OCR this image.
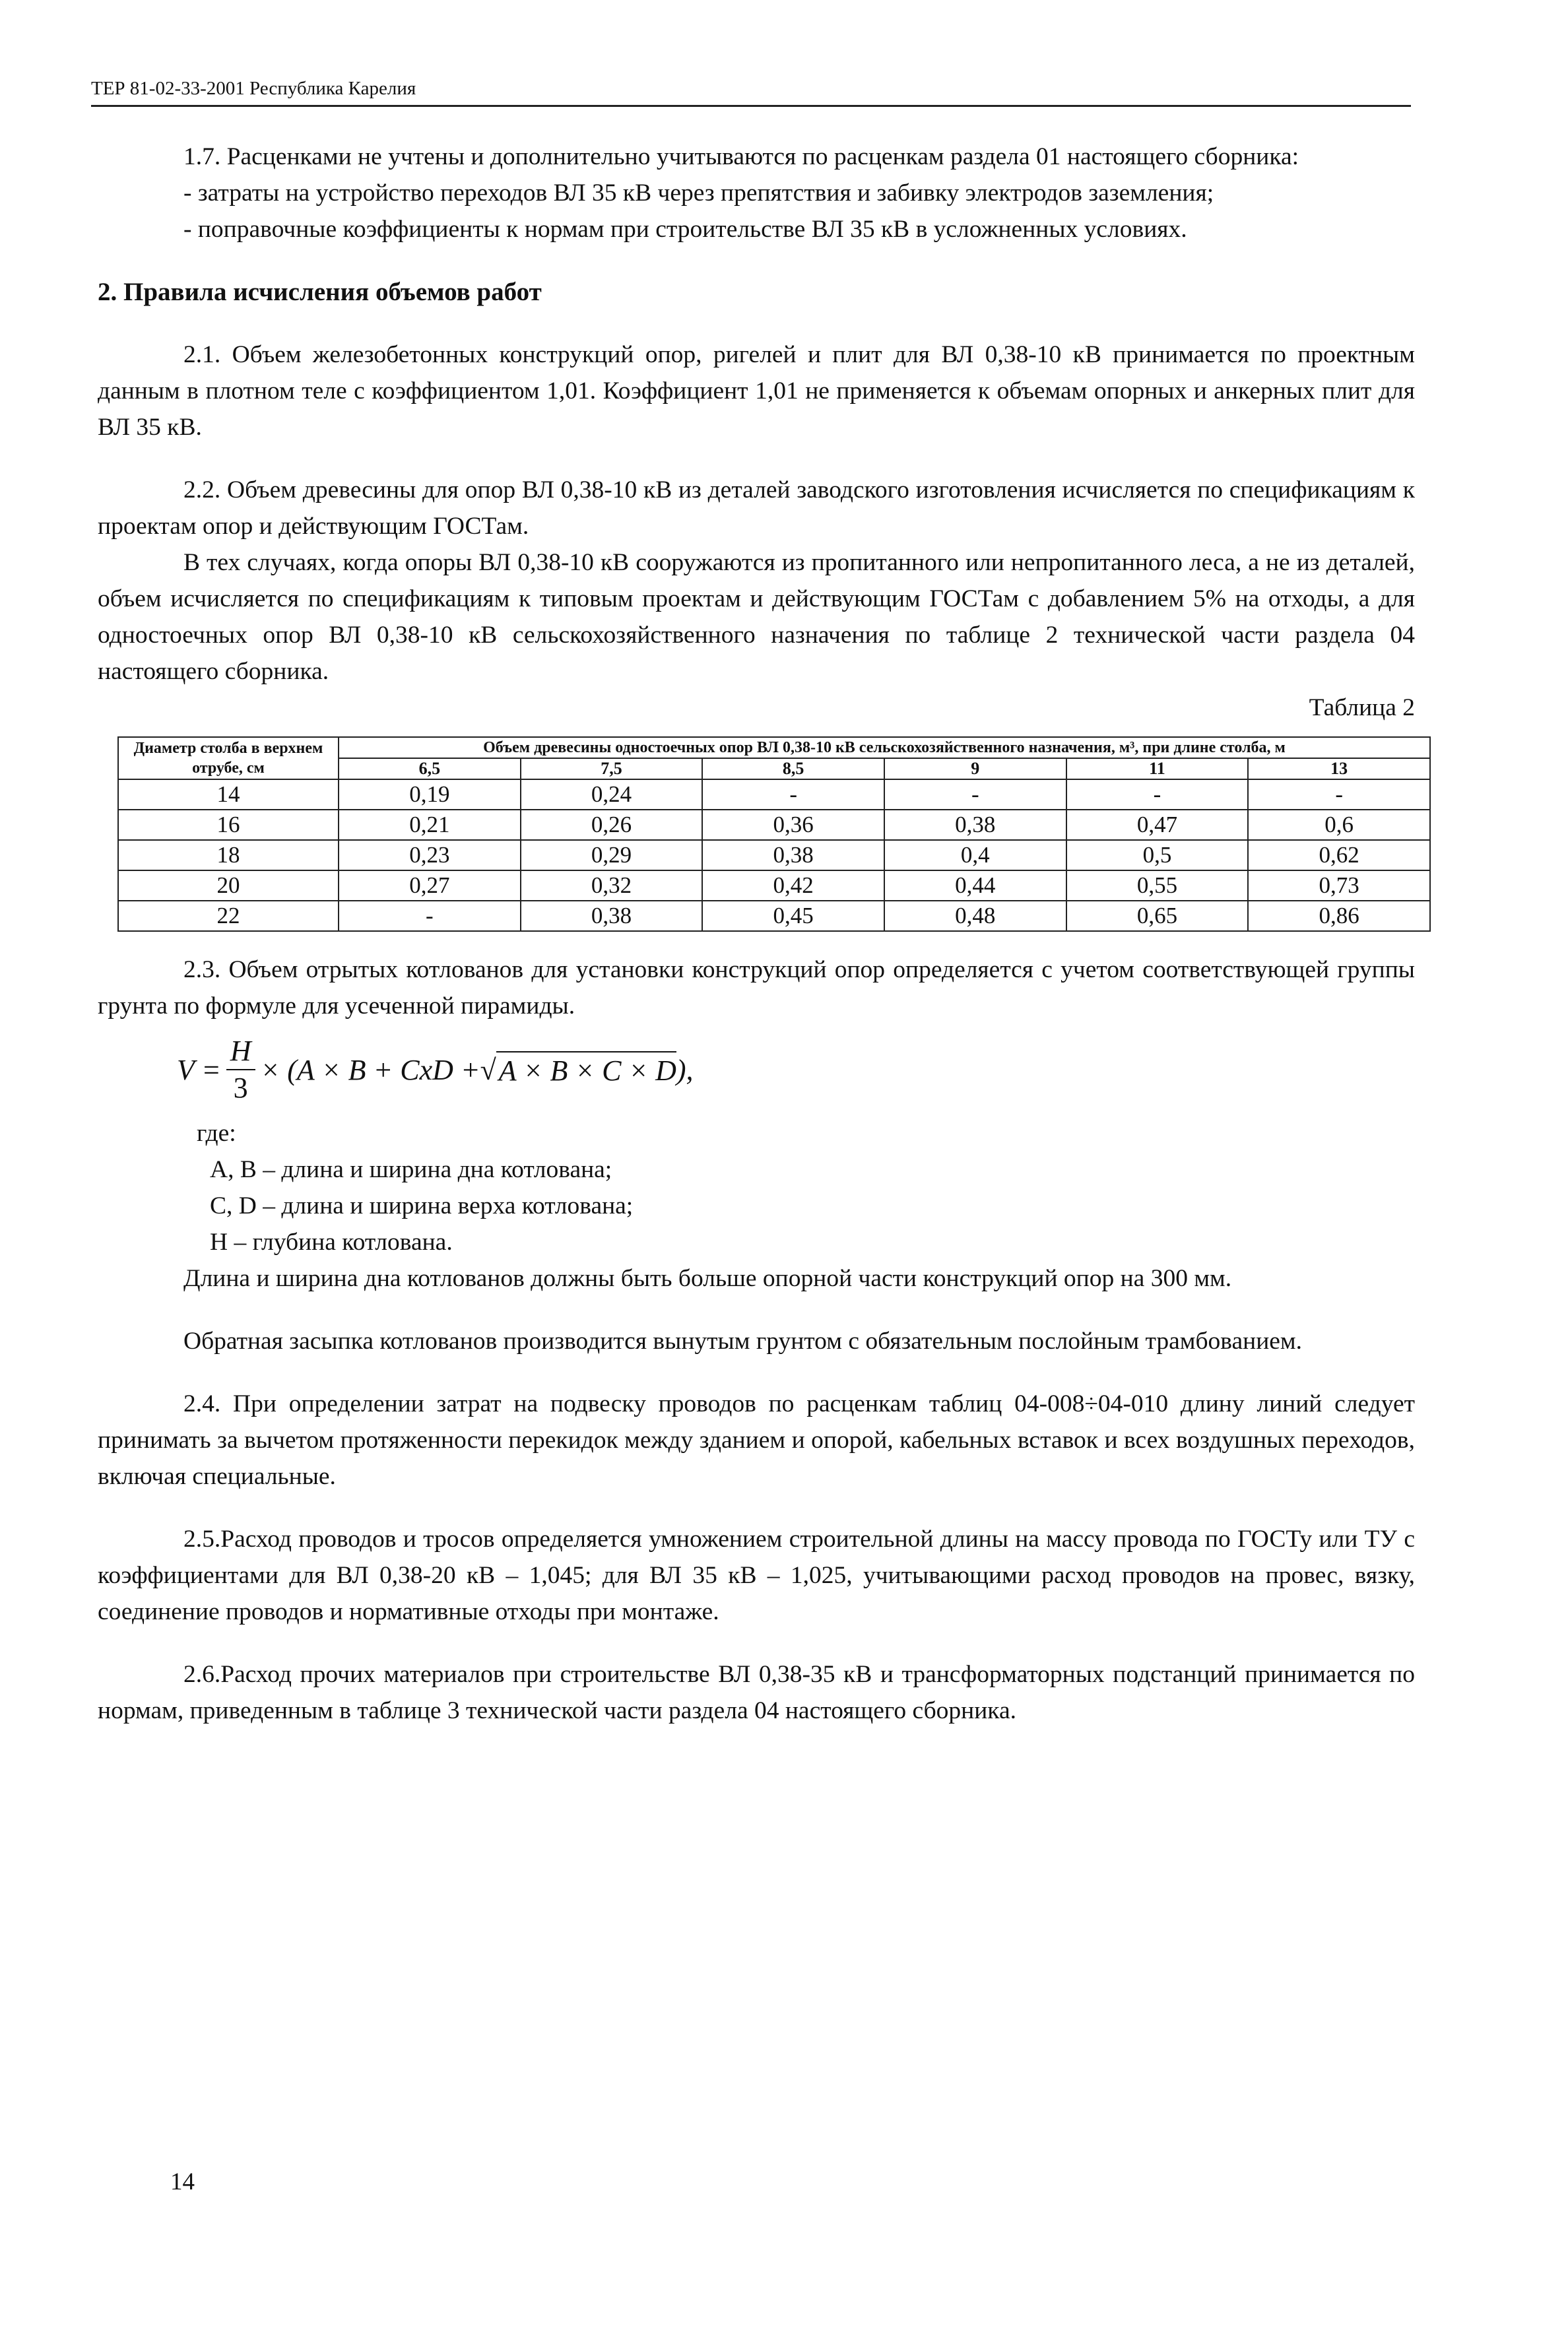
ТЕР 81-02-33-2001 Республика Карелия

1.7. Расценками не учтены и дополнительно учитываются по расценкам раздела 01 настоящего сборника:

- затраты на устройство переходов ВЛ 35 кВ через препятствия и забивку электродов заземления;

- поправочные коэффициенты к нормам при строительстве ВЛ 35 кВ в усложненных условиях.

2. Правила исчисления объемов работ

2.1. Объем железобетонных конструкций опор, ригелей и плит для ВЛ 0,38-10 кВ принимается по проектным данным в плотном теле с коэффициентом 1,01. Коэффициент 1,01 не применяется к объемам опорных и анкерных плит для ВЛ 35 кВ.

2.2. Объем древесины для опор ВЛ 0,38-10 кВ из деталей заводского изготовления исчисляется по спецификациям к проектам опор и действующим ГОСТам.

В тех случаях, когда опоры ВЛ 0,38-10 кВ сооружаются из пропитанного или непропитанного леса, а не из деталей, объем исчисляется по спецификациям к типовым проектам и действующим ГОСТам с добавлением 5% на отходы, а для одностоечных опор ВЛ 0,38-10 кВ сельскохозяйственного назначения по таблице 2 технической части раздела 04 настоящего сборника.

Таблица 2

Диаметр столба в верхнем отрубе, см	Объем древесины одностоечных опор ВЛ 0,38-10 кВ сельскохозяйственного назначения, м³, при длине столба, м					
	6,5	7,5	8,5	9	11	13
14	0,19	0,24	-	-	-	-
16	0,21	0,26	0,36	0,38	0,47	0,6
18	0,23	0,29	0,38	0,4	0,5	0,62
20	0,27	0,32	0,42	0,44	0,55	0,73
22	-	0,38	0,45	0,48	0,65	0,86

2.3. Объем отрытых котлованов для установки конструкций опор определяется с учетом соответствующей группы грунта по формуле для усеченной пирамиды.

$V = \frac{H}{3} \times (A \times B$ + CxD + √ A × B × C × D ),

где:

А, В – длина и ширина дна котлована;

С, D – длина и ширина верха котлована;

Н – глубина котлована.

Длина и ширина дна котлованов должны быть больше опорной части конструкций опор на 300 мм.

Обратная засыпка котлованов производится вынутым грунтом с обязательным послойным трамбованием.

2.4. При определении затрат на подвеску проводов по расценкам таблиц 04-008÷04-010 длину линий следует принимать за вычетом протяженности перекидок между зданием и опорой, кабельных вставок и всех воздушных переходов, включая специальные.

2.5.Расход проводов и тросов определяется умножением строительной длины на массу провода по ГОСТу или ТУ с коэффициентами для ВЛ 0,38-20 кВ – 1,045; для ВЛ 35 кВ – 1,025, учитывающими расход проводов на провес, вязку, соединение проводов и нормативные отходы при монтаже.

2.6.Расход прочих материалов при строительстве ВЛ 0,38-35 кВ и трансформаторных подстанций принимается по нормам, приведенным в таблице 3 технической части раздела 04 настоящего сборника.

14
